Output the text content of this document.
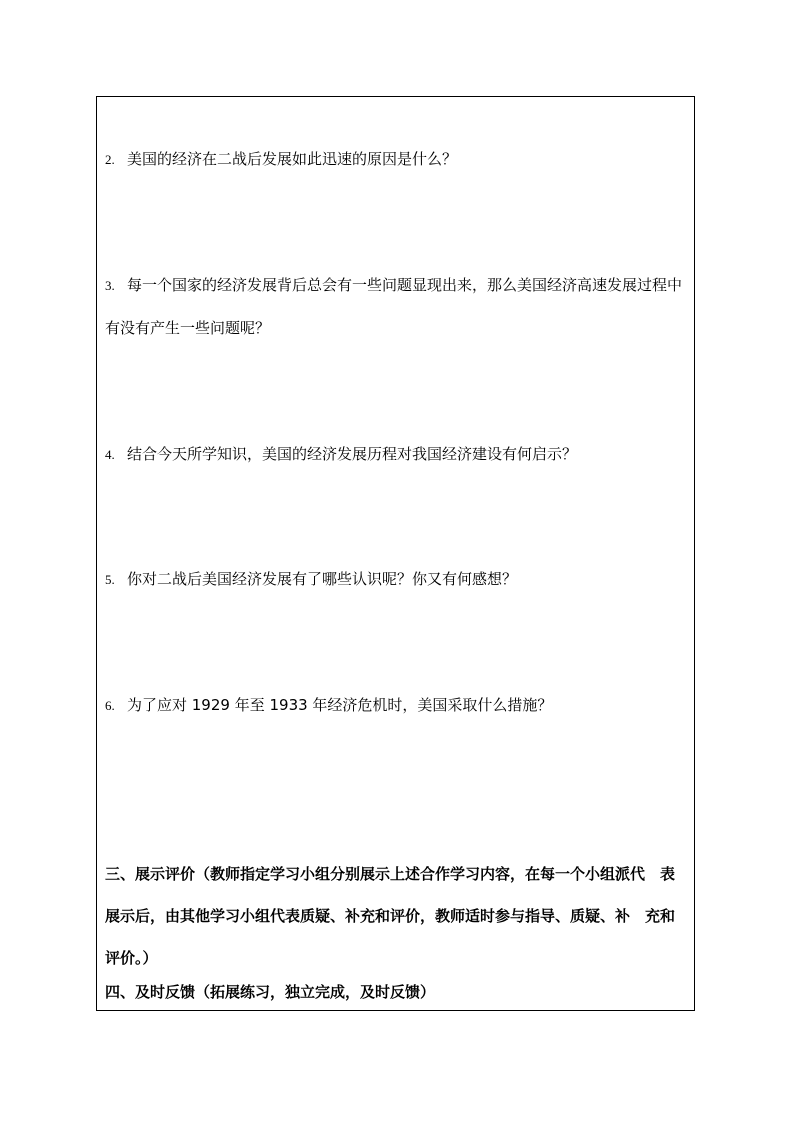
2. 美国的经济在二战后发展如此迅速的原因是什么？
3. 每一个国家的经济发展背后总会有一些问题显现出来，那么美国经济高速发展过程中有没有产生一些问题呢？
4. 结合今天所学知识，美国的经济发展历程对我国经济建设有何启示？
5. 你对二战后美国经济发展有了哪些认识呢？你又有何感想？
6. 为了应对 1929 年至 1933 年经济危机时，美国采取什么措施？
三、展示评价（教师指定学习小组分别展示上述合作学习内容，在每一个小组派代　表
展示后，由其他学习小组代表质疑、补充和评价，教师适时参与指导、质疑、补　充和
评价。）
四、及时反馈（拓展练习，独立完成，及时反馈）
